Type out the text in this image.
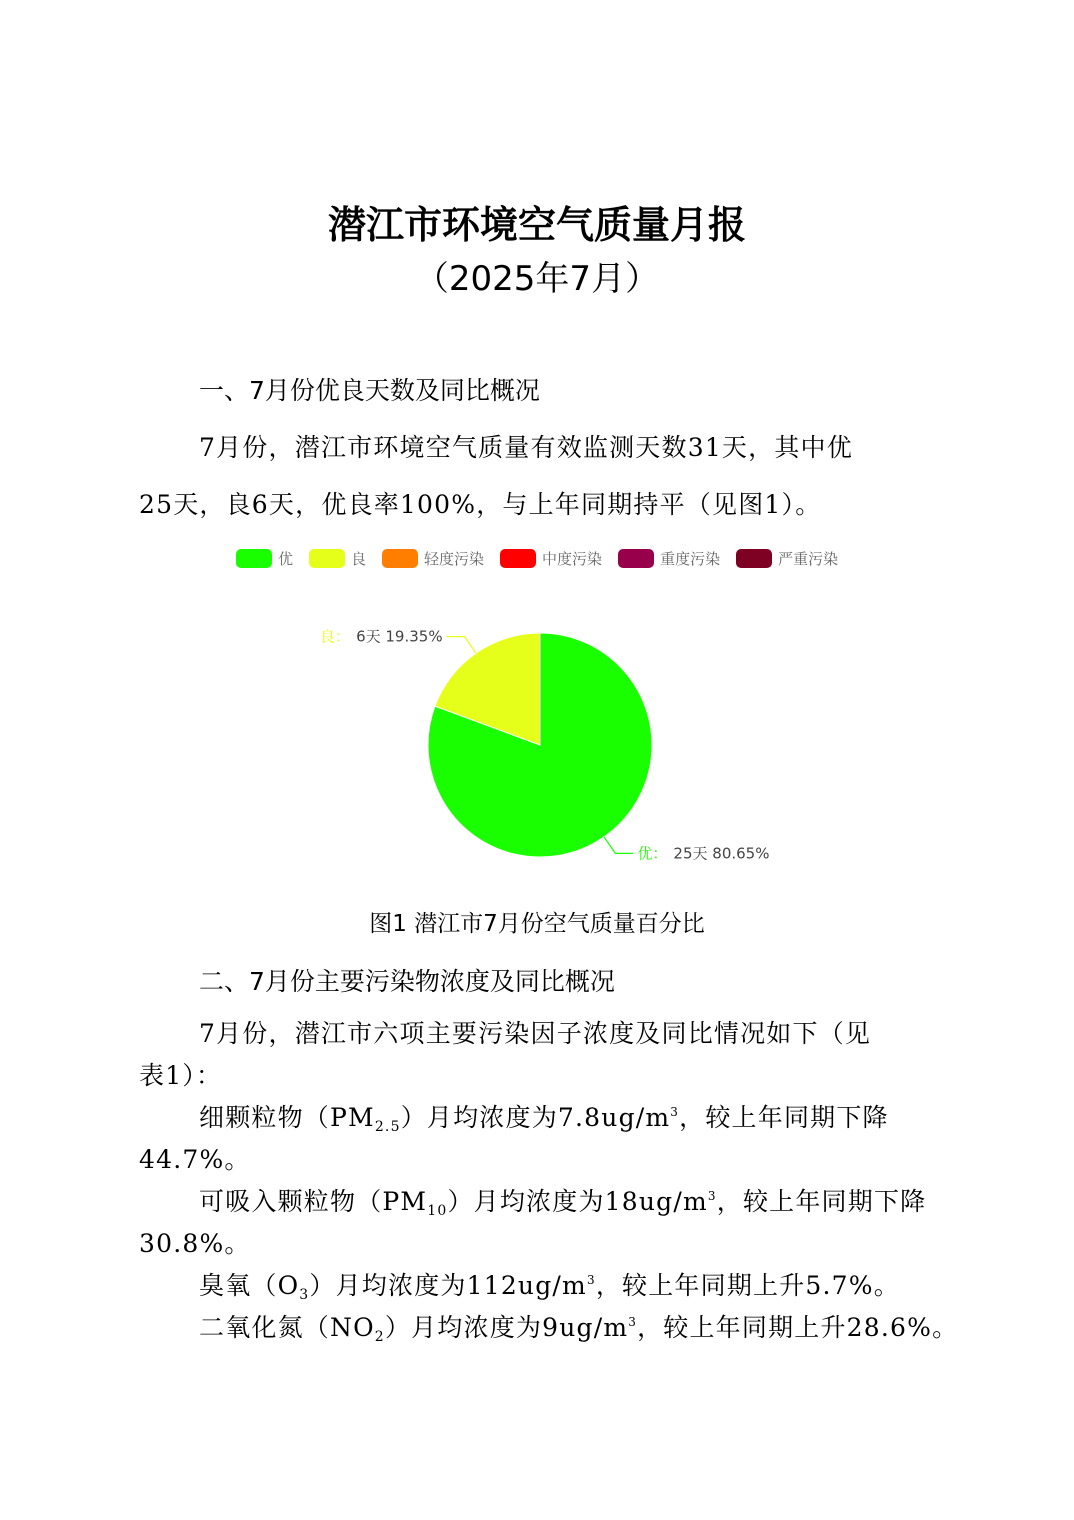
潜江市环境空气质量月报
（2025年7月）
一、7月份优良天数及同比概况
7月份，潜江市环境空气质量有效监测天数31天，其中优
25天，良6天，优良率100%，与上年同期持平（见图1）。
优	良	轻度污染	中度污染	重度污染	严重污染
优： 25天 80.65%
良： 6天 19.35%
图1 潜江市7月份空气质量百分比
二、7月份主要污染物浓度及同比概况
7月份，潜江市六项主要污染因子浓度及同比情况如下（见
表1）：
细颗粒物$(PM_{2.5})$月均浓度为$7.8ug/m^3$，较上年同期下降
44.7%。
可吸入颗粒物$(PM_{10})$月均浓度为$18ug/m^3$，较上年同期下降
30.8%。
臭氧$(O_3)$月均浓度为$112ug/m^3$，较上年同期上升5.7%。
二氧化氮$(NO_2)$月均浓度为$9ug/m^3$，较上年同期上升28.6%。
